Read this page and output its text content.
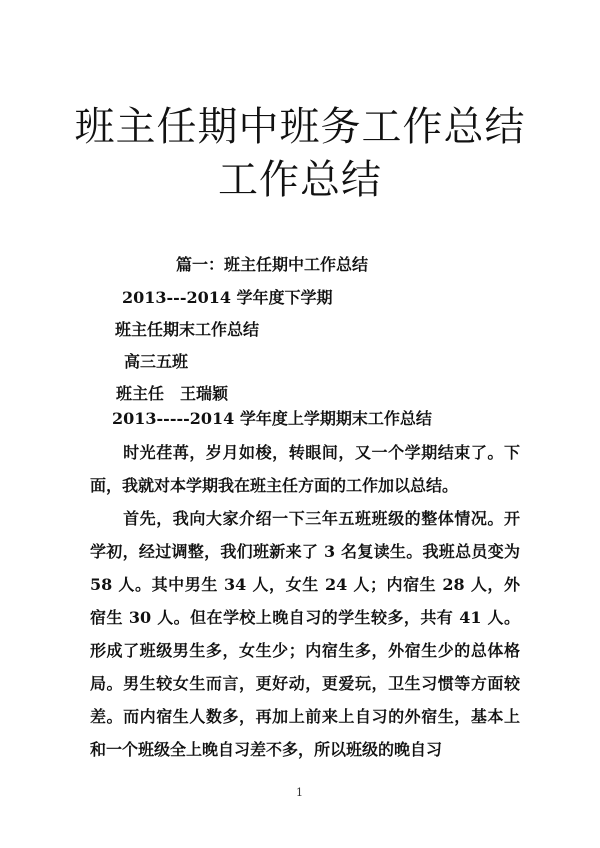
班主任期中班务工作总结
工作总结
篇一：班主任期中工作总结
2013---2014 学年度下学期
班主任期末工作总结
高三五班
班主任　王瑞颖
2013-----2014 学年度上学期期末工作总结
　　时光荏苒，岁月如梭，转眼间，又一个学期结束了。下面，我就对本学期我在班主任方面的工作加以总结。
　　首先，我向大家介绍一下三年五班班级的整体情况。开学初，经过调整，我们班新来了 3 名复读生。我班总员变为 58 人。其中男生 34 人，女生 24 人；内宿生 28 人，外宿生 30 人。但在学校上晚自习的学生较多，共有 41 人。形成了班级男生多，女生少；内宿生多，外宿生少的总体格局。男生较女生而言，更好动，更爱玩，卫生习惯等方面较差。而内宿生人数多，再加上前来上自习的外宿生，基本上和一个班级全上晚自习差不多，所以班级的晚自习
1
